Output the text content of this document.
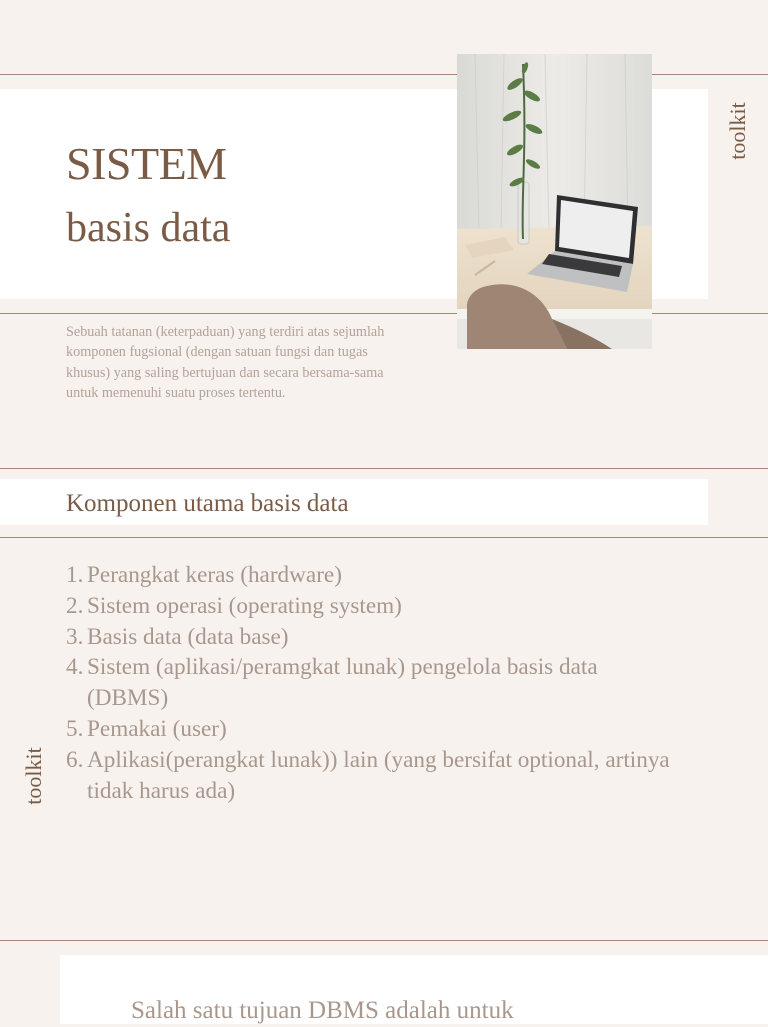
SISTEM
basis data
toolkit
toolkit
Sebuah tatanan (keterpaduan) yang terdiri atas sejumlah komponen fugsional (dengan satuan fungsi dan tugas khusus) yang saling bertujuan dan secara bersama-sama untuk memenuhi suatu proses tertentu.
Komponen utama basis data
1. Perangkat keras (hardware)
2. Sistem operasi (operating system)
3. Basis data (data base)
4. Sistem (aplikasi/peramgkat lunak) pengelola basis data (DBMS)
5. Pemakai (user)
6. Aplikasi(perangkat lunak)) lain (yang bersifat optional, artinya tidak harus ada)
Salah satu tujuan DBMS adalah untuk
